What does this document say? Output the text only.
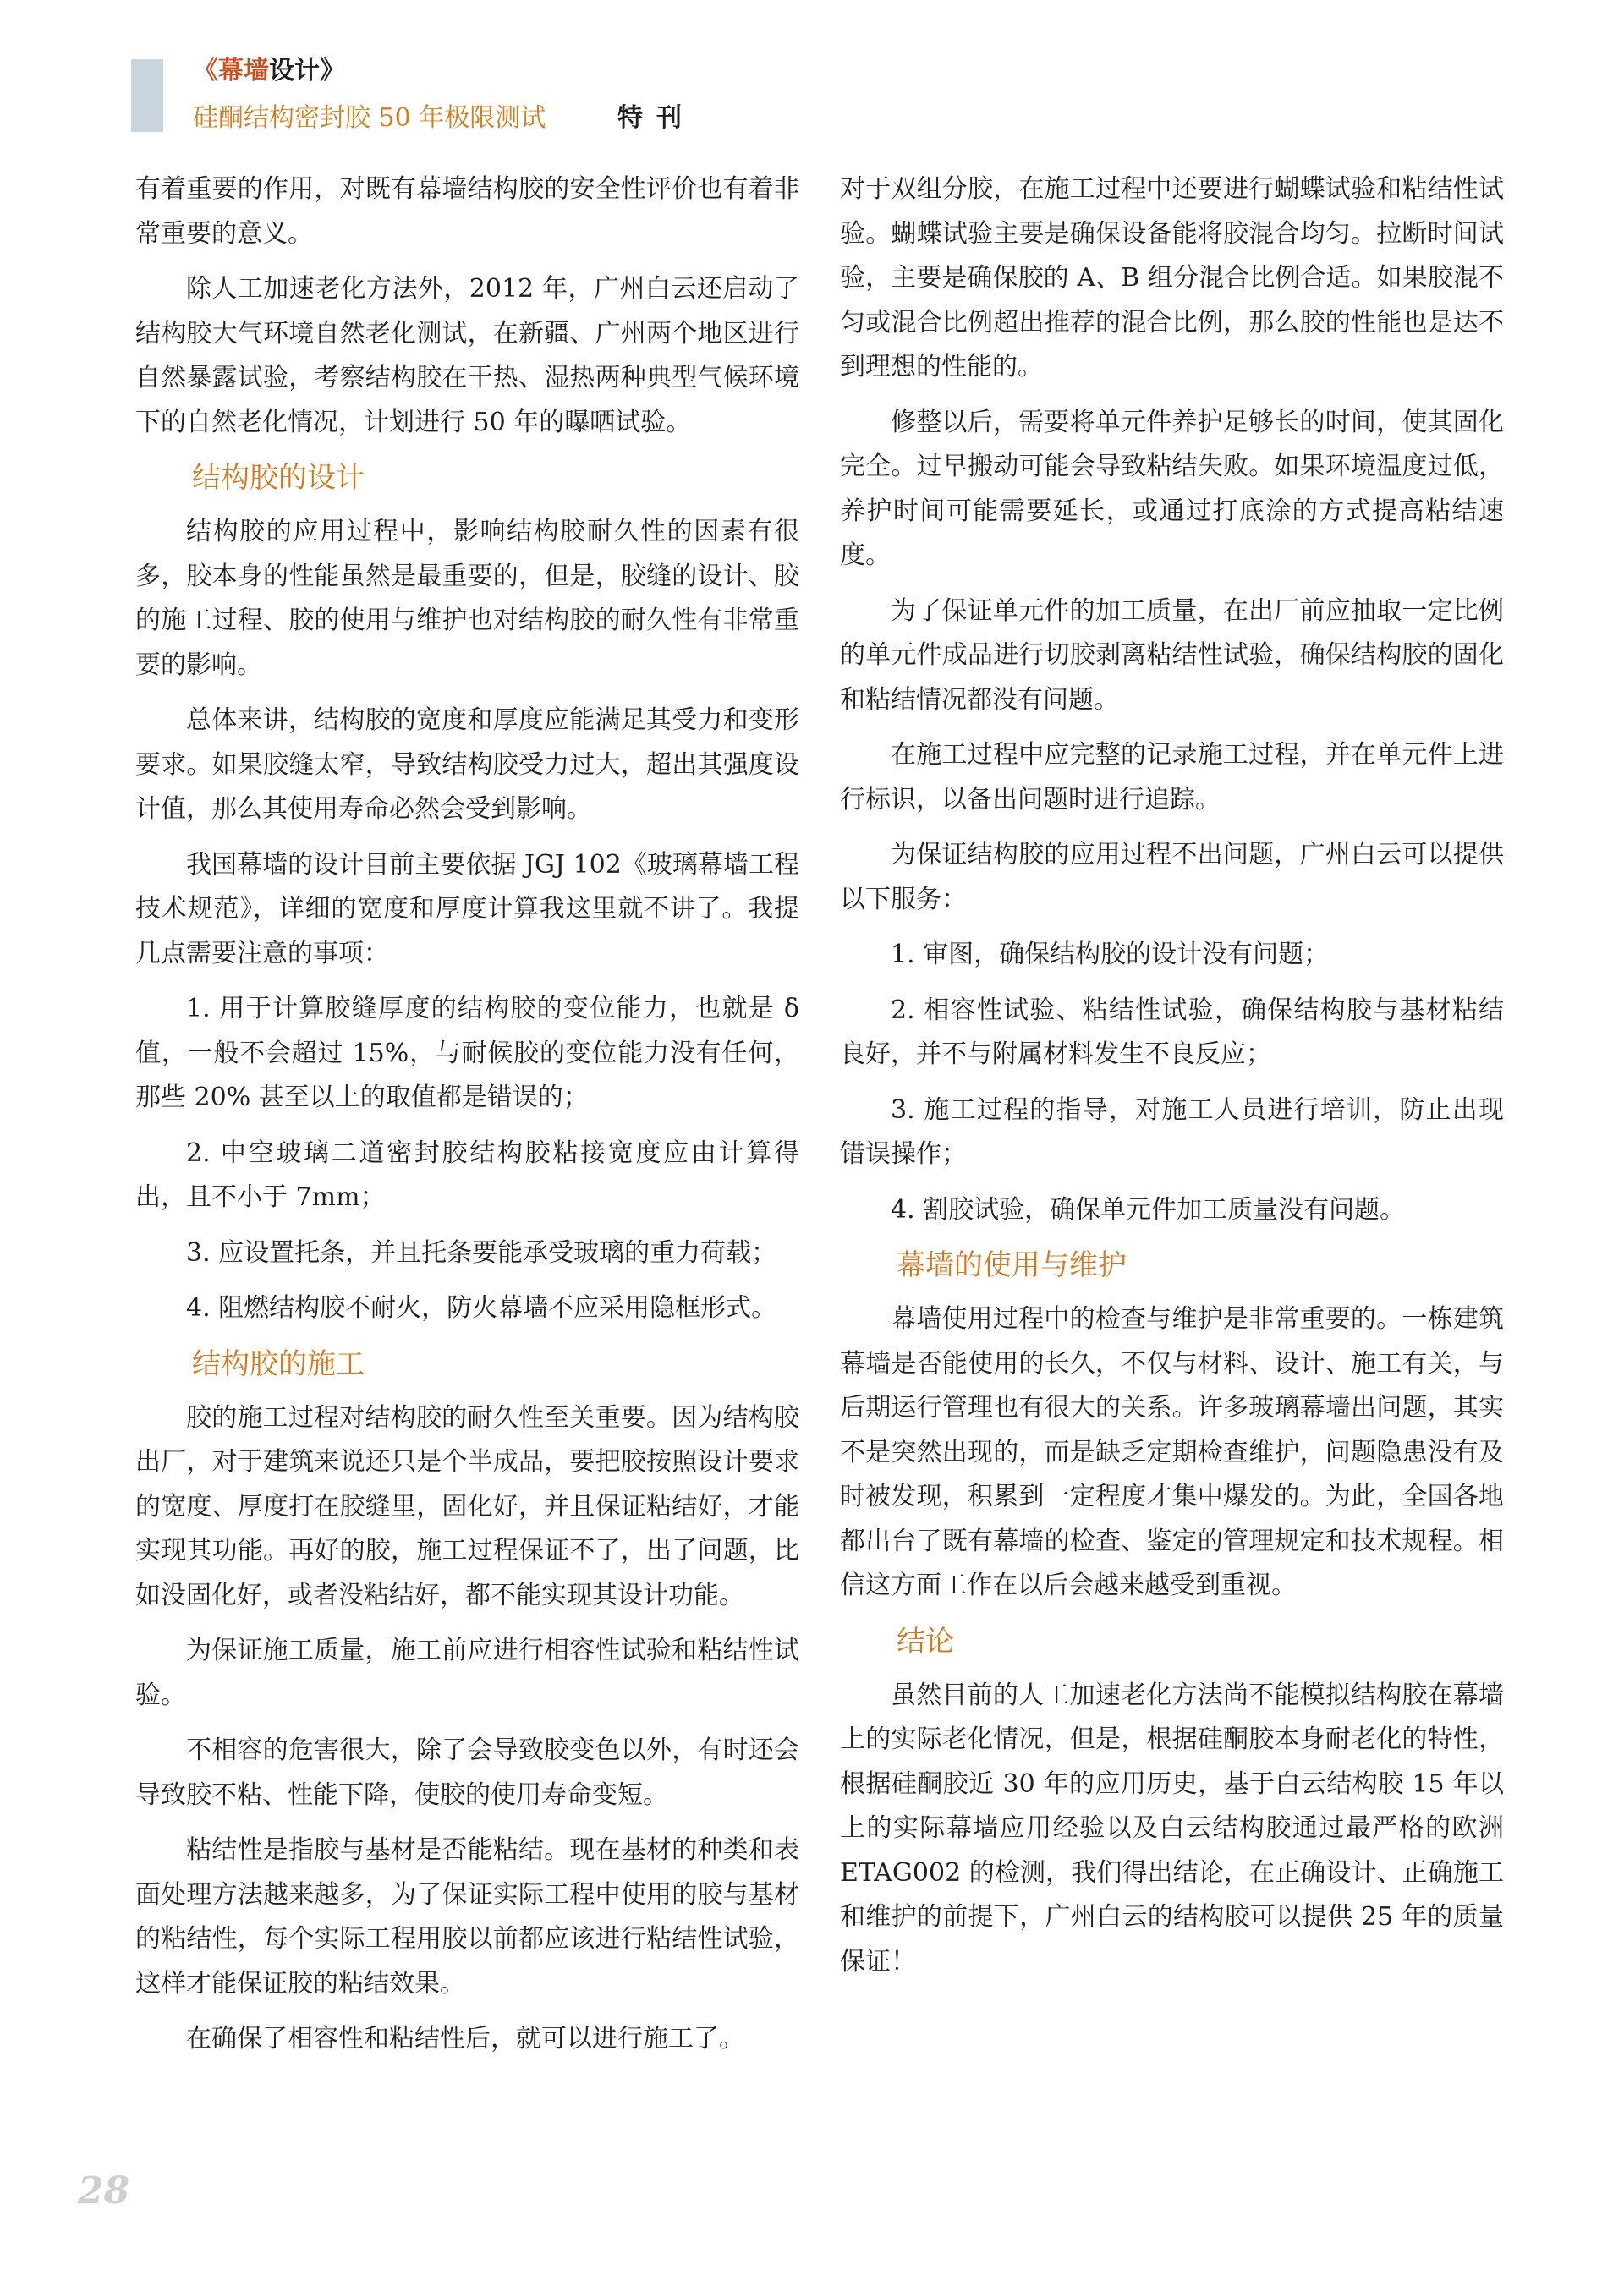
《幕墙设计》
硅酮结构密封胶 50 年极限测试	特刊

有着重要的作用，对既有幕墙结构胶的安全性评价也有着非常重要的意义。

除人工加速老化方法外，2012 年，广州白云还启动了结构胶大气环境自然老化测试，在新疆、广州两个地区进行自然暴露试验，考察结构胶在干热、湿热两种典型气候环境下的自然老化情况，计划进行 50 年的曝晒试验。

结构胶的设计

结构胶的应用过程中，影响结构胶耐久性的因素有很多，胶本身的性能虽然是最重要的，但是，胶缝的设计、胶的施工过程、胶的使用与维护也对结构胶的耐久性有非常重要的影响。

总体来讲，结构胶的宽度和厚度应能满足其受力和变形要求。如果胶缝太窄，导致结构胶受力过大，超出其强度设计值，那么其使用寿命必然会受到影响。

我国幕墙的设计目前主要依据 JGJ 102《玻璃幕墙工程技术规范》，详细的宽度和厚度计算我这里就不讲了。我提几点需要注意的事项：

1. 用于计算胶缝厚度的结构胶的变位能力，也就是 δ 值，一般不会超过 15%，与耐候胶的变位能力没有任何，那些 20% 甚至以上的取值都是错误的；

2. 中空玻璃二道密封胶结构胶粘接宽度应由计算得出，且不小于 7mm；

3. 应设置托条，并且托条要能承受玻璃的重力荷载；

4. 阻燃结构胶不耐火，防火幕墙不应采用隐框形式。

结构胶的施工

胶的施工过程对结构胶的耐久性至关重要。因为结构胶出厂，对于建筑来说还只是个半成品，要把胶按照设计要求的宽度、厚度打在胶缝里，固化好，并且保证粘结好，才能实现其功能。再好的胶，施工过程保证不了，出了问题，比如没固化好，或者没粘结好，都不能实现其设计功能。

为保证施工质量，施工前应进行相容性试验和粘结性试验。

不相容的危害很大，除了会导致胶变色以外，有时还会导致胶不粘、性能下降，使胶的使用寿命变短。

粘结性是指胶与基材是否能粘结。现在基材的种类和表面处理方法越来越多，为了保证实际工程中使用的胶与基材的粘结性，每个实际工程用胶以前都应该进行粘结性试验，这样才能保证胶的粘结效果。

在确保了相容性和粘结性后，就可以进行施工了。

对于双组分胶，在施工过程中还要进行蝴蝶试验和粘结性试验。蝴蝶试验主要是确保设备能将胶混合均匀。拉断时间试验，主要是确保胶的 A、B 组分混合比例合适。如果胶混不匀或混合比例超出推荐的混合比例，那么胶的性能也是达不到理想的性能的。

修整以后，需要将单元件养护足够长的时间，使其固化完全。过早搬动可能会导致粘结失败。如果环境温度过低，养护时间可能需要延长，或通过打底涂的方式提高粘结速度。

为了保证单元件的加工质量，在出厂前应抽取一定比例的单元件成品进行切胶剥离粘结性试验，确保结构胶的固化和粘结情况都没有问题。

在施工过程中应完整的记录施工过程，并在单元件上进行标识，以备出问题时进行追踪。

为保证结构胶的应用过程不出问题，广州白云可以提供以下服务：

1. 审图，确保结构胶的设计没有问题；

2. 相容性试验、粘结性试验，确保结构胶与基材粘结良好，并不与附属材料发生不良反应；

3. 施工过程的指导，对施工人员进行培训，防止出现错误操作；

4. 割胶试验，确保单元件加工质量没有问题。

幕墙的使用与维护

幕墙使用过程中的检查与维护是非常重要的。一栋建筑幕墙是否能使用的长久，不仅与材料、设计、施工有关，与后期运行管理也有很大的关系。许多玻璃幕墙出问题，其实不是突然出现的，而是缺乏定期检查维护，问题隐患没有及时被发现，积累到一定程度才集中爆发的。为此，全国各地都出台了既有幕墙的检查、鉴定的管理规定和技术规程。相信这方面工作在以后会越来越受到重视。

结论

虽然目前的人工加速老化方法尚不能模拟结构胶在幕墙上的实际老化情况，但是，根据硅酮胶本身耐老化的特性，根据硅酮胶近 30 年的应用历史，基于白云结构胶 15 年以上的实际幕墙应用经验以及白云结构胶通过最严格的欧洲 ETAG002 的检测，我们得出结论，在正确设计、正确施工和维护的前提下，广州白云的结构胶可以提供 25 年的质量保证！

28
